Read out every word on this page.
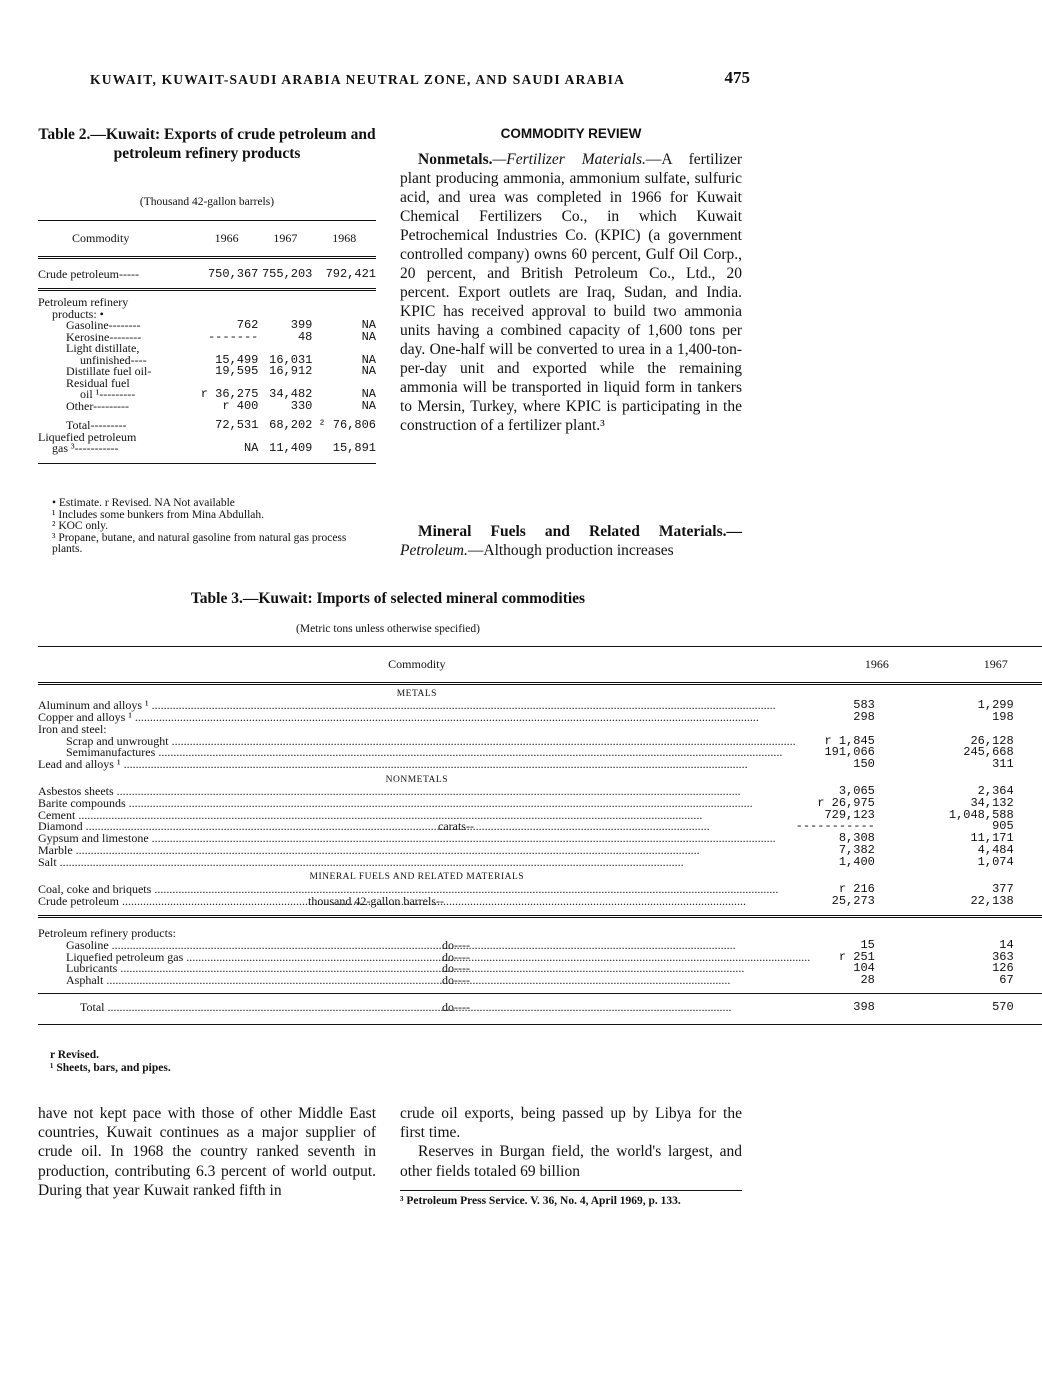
KUWAIT, KUWAIT-SAUDI ARABIA NEUTRAL ZONE, AND SAUDI ARABIA	475
Table 2.—Kuwait: Exports of crude petroleum and petroleum refinery products
(Thousand 42-gallon barrels)
Commodity	1966	1967	1968
Crude petroleum-----	750,367	755,203	792,421
Petroleum refinery			
products: •			
Gasoline--------	762	399	NA
Kerosine--------	-------	48	NA
Light distillate,			
unfinished----	15,499	16,031	NA
Distillate fuel oil-	19,595	16,912	NA
Residual fuel			
oil ¹---------	r 36,275	34,482	NA
Other---------	r 400	330	NA
Total---------	72,531	68,202	² 76,806
Liquefied petroleum			
gas ³-----------	NA	11,409	15,891
• Estimate. r Revised. NA Not available
¹ Includes some bunkers from Mina Abdullah.
² KOC only.
³ Propane, butane, and natural gasoline from natural gas process plants.
COMMODITY REVIEW
Nonmetals.—Fertilizer Materials.—A fertilizer plant producing ammonia, ammonium sulfate, sulfuric acid, and urea was completed in 1966 for Kuwait Chemical Fertilizers Co., in which Kuwait Petrochemical Industries Co. (KPIC) (a government controlled company) owns 60 percent, Gulf Oil Corp., 20 percent, and British Petroleum Co., Ltd., 20 percent. Export outlets are Iraq, Sudan, and India. KPIC has received approval to build two ammonia units having a combined capacity of 1,600 tons per day. One-half will be converted to urea in a 1,400-ton-per-day unit and exported while the remaining ammonia will be transported in liquid form in tankers to Mersin, Turkey, where KPIC is participating in the construction of a fertilizer plant.³
Mineral Fuels and Related Materials.— Petroleum.—Although production increases
Table 3.—Kuwait: Imports of selected mineral commodities
(Metric tons unless otherwise specified)
Commodity	1966	1967
METALS		

Aluminum and alloys ¹ .....	583	1,299

Copper and alloys ¹ .....	298	198
Iron and steel:		

Scrap and unwrought .....	r 1,845	26,128

Semimanufactures .....	191,066	245,668

Lead and alloys ¹ .....	150	311
NONMETALS		

Asbestos sheets .....	3,065	2,364

Barite compounds .....	r 26,975	34,132

Cement .....	729,123	1,048,588
Diamond ..... carats--	-----------	905

Gypsum and limestone .....	8,308	11,171

Marble .....	7,382	4,484

Salt .....	1,400	1,074
MINERAL FUELS AND RELATED MATERIALS		

Coal, coke and briquets .....	r 216	377
Crude petroleum ..... thousand 42-gallon barrels--	25,273	22,138
Petroleum refinery products:		
Gasoline ..... do----	15	14
Liquefied petroleum gas ..... do----	r 251	363
Lubricants ..... do----	104	126
Asphalt ..... do----	28	67
Total ..... do----	398	570
r Revised.
¹ Sheets, bars, and pipes.
have not kept pace with those of other Middle East countries, Kuwait continues as a major supplier of crude oil. In 1968 the country ranked seventh in production, contributing 6.3 percent of world output. During that year Kuwait ranked fifth in

crude oil exports, being passed up by Libya for the first time.

Reserves in Burgan field, the world's largest, and other fields totaled 69 billion

³ Petroleum Press Service. V. 36, No. 4, April 1969, p. 133.
